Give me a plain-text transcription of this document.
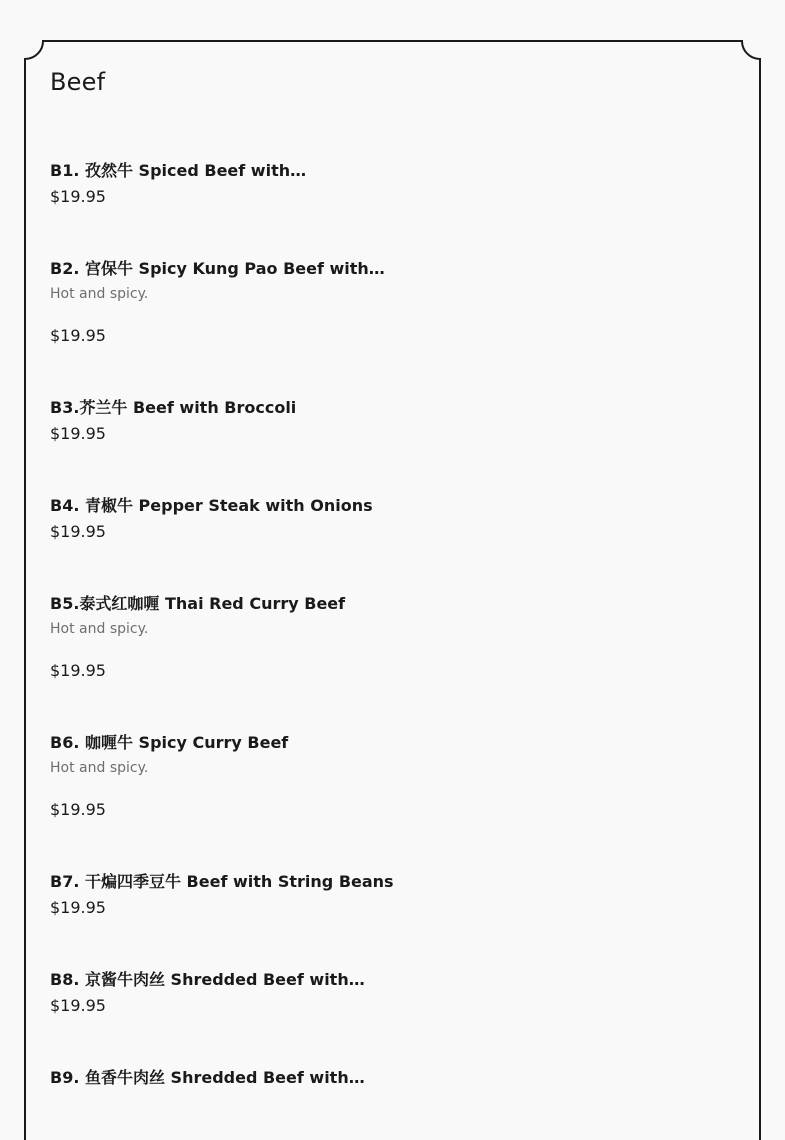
Beef
B1. 孜然牛 Spiced Beef with…
$19.95
B2. 宫保牛 Spicy Kung Pao Beef with…
Hot and spicy.
$19.95
B3.芥兰牛 Beef with Broccoli
$19.95
B4. 青椒牛 Pepper Steak with Onions
$19.95
B5.泰式红咖喱 Thai Red Curry Beef
Hot and spicy.
$19.95
B6. 咖喱牛 Spicy Curry Beef
Hot and spicy.
$19.95
B7. 干煸四季豆牛 Beef with String Beans
$19.95
B8. 京酱牛肉丝 Shredded Beef with…
$19.95
B9. 鱼香牛肉丝 Shredded Beef with…
